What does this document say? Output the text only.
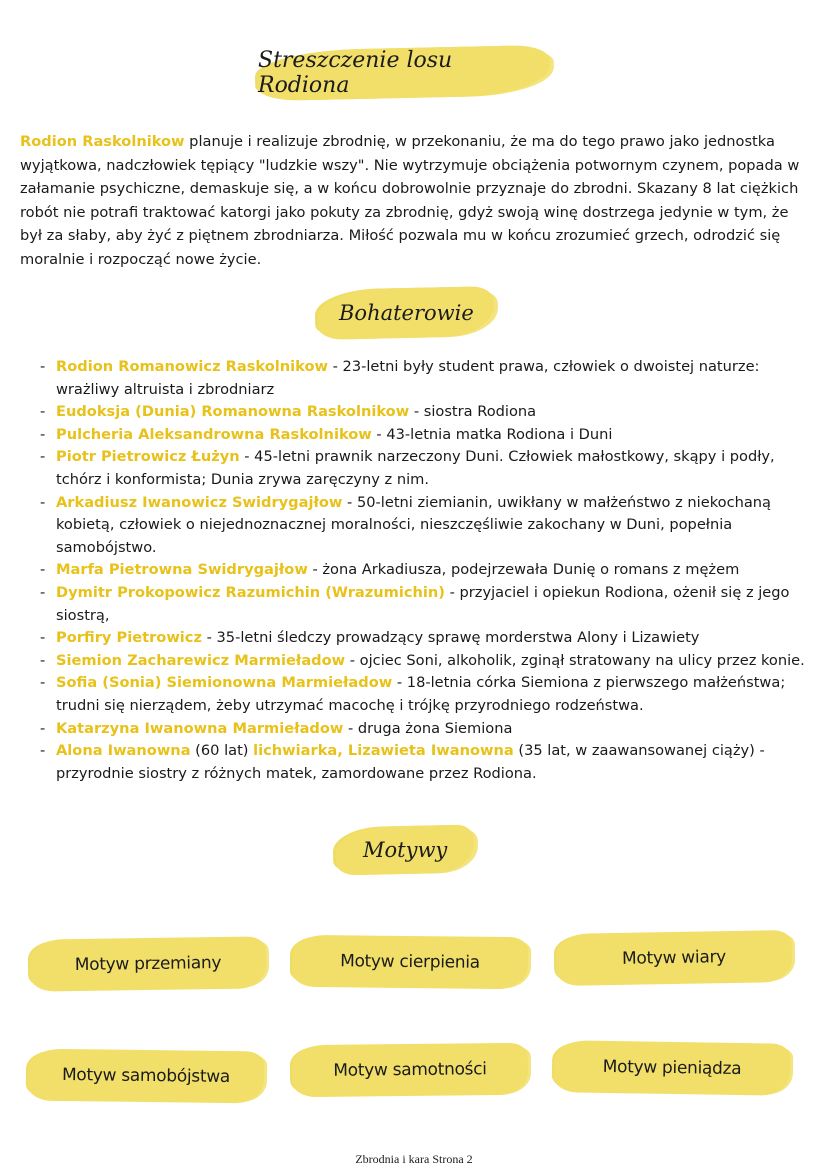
Streszczenie losu Rodiona

Rodion Raskolnikow planuje i realizuje zbrodnię, w przekonaniu, że ma do tego prawo jako jednostka wyjątkowa, nadczłowiek tępiący "ludzkie wszy". Nie wytrzymuje obciążenia potwornym czynem, popada w załamanie psychiczne, demaskuje się, a w końcu dobrowolnie przyznaje do zbrodni. Skazany 8 lat ciężkich robót nie potrafi traktować katorgi jako pokuty za zbrodnię, gdyż swoją winę dostrzega jedynie w tym, że był za słaby, aby żyć z piętnem zbrodniarza. Miłość pozwala mu w końcu zrozumieć grzech, odrodzić się moralnie i rozpocząć nowe życie.

Bohaterowie
- Rodion Romanowicz Raskolnikow - 23-letni były student prawa, człowiek o dwoistej naturze: wrażliwy altruista i zbrodniarz
- Eudoksja (Dunia) Romanowna Raskolnikow - siostra Rodiona
- Pulcheria Aleksandrowna Raskolnikow - 43-letnia matka Rodiona i Duni
- Piotr Pietrowicz Łużyn - 45-letni prawnik narzeczony Duni. Człowiek małostkowy, skąpy i podły, tchórz i konformista; Dunia zrywa zaręczyny z nim.
- Arkadiusz Iwanowicz Swidrygajłow - 50-letni ziemianin, uwikłany w małżeństwo z niekochaną kobietą, człowiek o niejednoznacznej moralności, nieszczęśliwie zakochany w Duni, popełnia samobójstwo.
- Marfa Pietrowna Swidrygajłow - żona Arkadiusza, podejrzewała Dunię o romans z mężem
- Dymitr Prokopowicz Razumichin (Wrazumichin) - przyjaciel i opiekun Rodiona, ożenił się z jego siostrą,
- Porfiry Pietrowicz - 35-letni śledczy prowadzący sprawę morderstwa Alony i Lizawiety
- Siemion Zacharewicz Marmieładow - ojciec Soni, alkoholik, zginął stratowany na ulicy przez konie.
- Sofia (Sonia) Siemionowna Marmieładow - 18-letnia córka Siemiona z pierwszego małżeństwa; trudni się nierządem, żeby utrzymać macochę i trójkę przyrodniego rodzeństwa.
- Katarzyna Iwanowna Marmieładow - druga żona Siemiona
- Alona Iwanowna (60 lat) lichwiarka, Lizawieta Iwanowna (35 lat, w zaawansowanej ciąży) - przyrodnie siostry z różnych matek, zamordowane przez Rodiona.
Motywy
Motyw przemiany	Motyw cierpienia	Motyw wiary
Motyw samobójstwa	Motyw samotności	Motyw pieniądza
Zbrodnia i kara Strona 2
